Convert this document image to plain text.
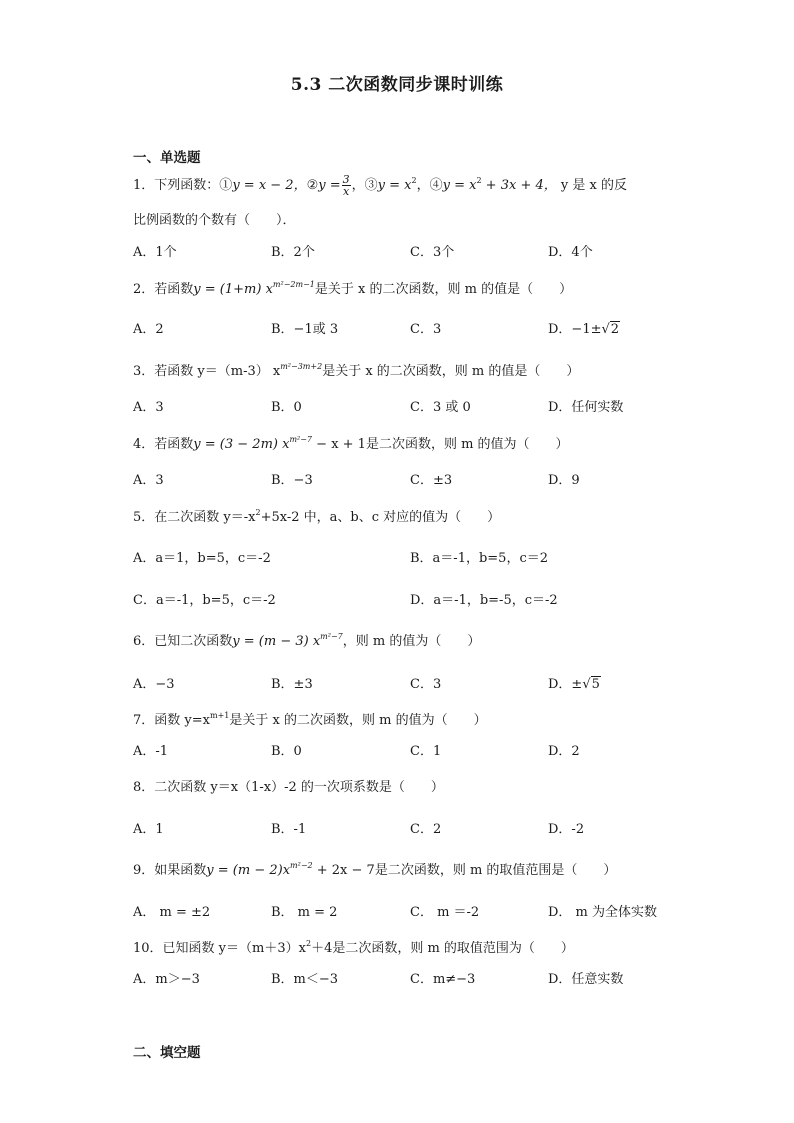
5.3 二次函数同步课时训练
一、单选题
1．下列函数：①y = x − 2，②y = $\frac{3}{x}$ ，③y = $x^2$，④y = $x^2 + 3x + 4$， y 是 x 的反
比例函数的个数有（　　）．
A．1个	B．2个	C．3个	D．4个
2．若函数y = (1+m) $x^{m^2-2m-1}$是关于 x 的二次函数，则 m 的值是（　　）
A．2	B．−1或 3	C．3	D．−1±√2
3．若函数 y＝（m-3） $x^{m^2-3m+2}$是关于 x 的二次函数，则 m 的值是（　　）
A．3	B．0	C．3 或 0	D．任何实数
4．若函数y = (3 − 2m) $x^{m^2-7} - x + 1$是二次函数，则 m 的值为（　　）
A．3	B．−3	C．±3	D．9
5．在二次函数 $y=-x^2+5x-2$ 中，a、b、c 对应的值为（　　）
A．a＝1，b=5，c＝-2	B．a＝-1，b=5，c＝2
C．a＝-1，b=5，c＝-2	D．a＝-1，b=-5，c＝-2
6．已知二次函数y = (m − 3) $x^{m^2-7}$，则 m 的值为（　　）
A．−3	B．±3	C．3	D．±√5
7．函数 $y=x^{m+1}$是关于 x 的二次函数，则 m 的值为（　　）
A．-1	B．0	C．1	D．2
8．二次函数 y＝x（1-x）-2 的一次项系数是（　　）
A．1	B．-1	C．2	D．-2
9．如果函数$y = (m - 2)x^{m^2-2} + 2x - 7$是二次函数，则 m 的取值范围是（　　）
A． m = ±2	B． m = 2	C． m ＝-2	D． m 为全体实数
10．已知函数 $y=(m+3)x^2+4$是二次函数，则 m 的取值范围为（　　）
A．m＞−3	B．m＜−3	C．m≠−3	D．任意实数
二、填空题
